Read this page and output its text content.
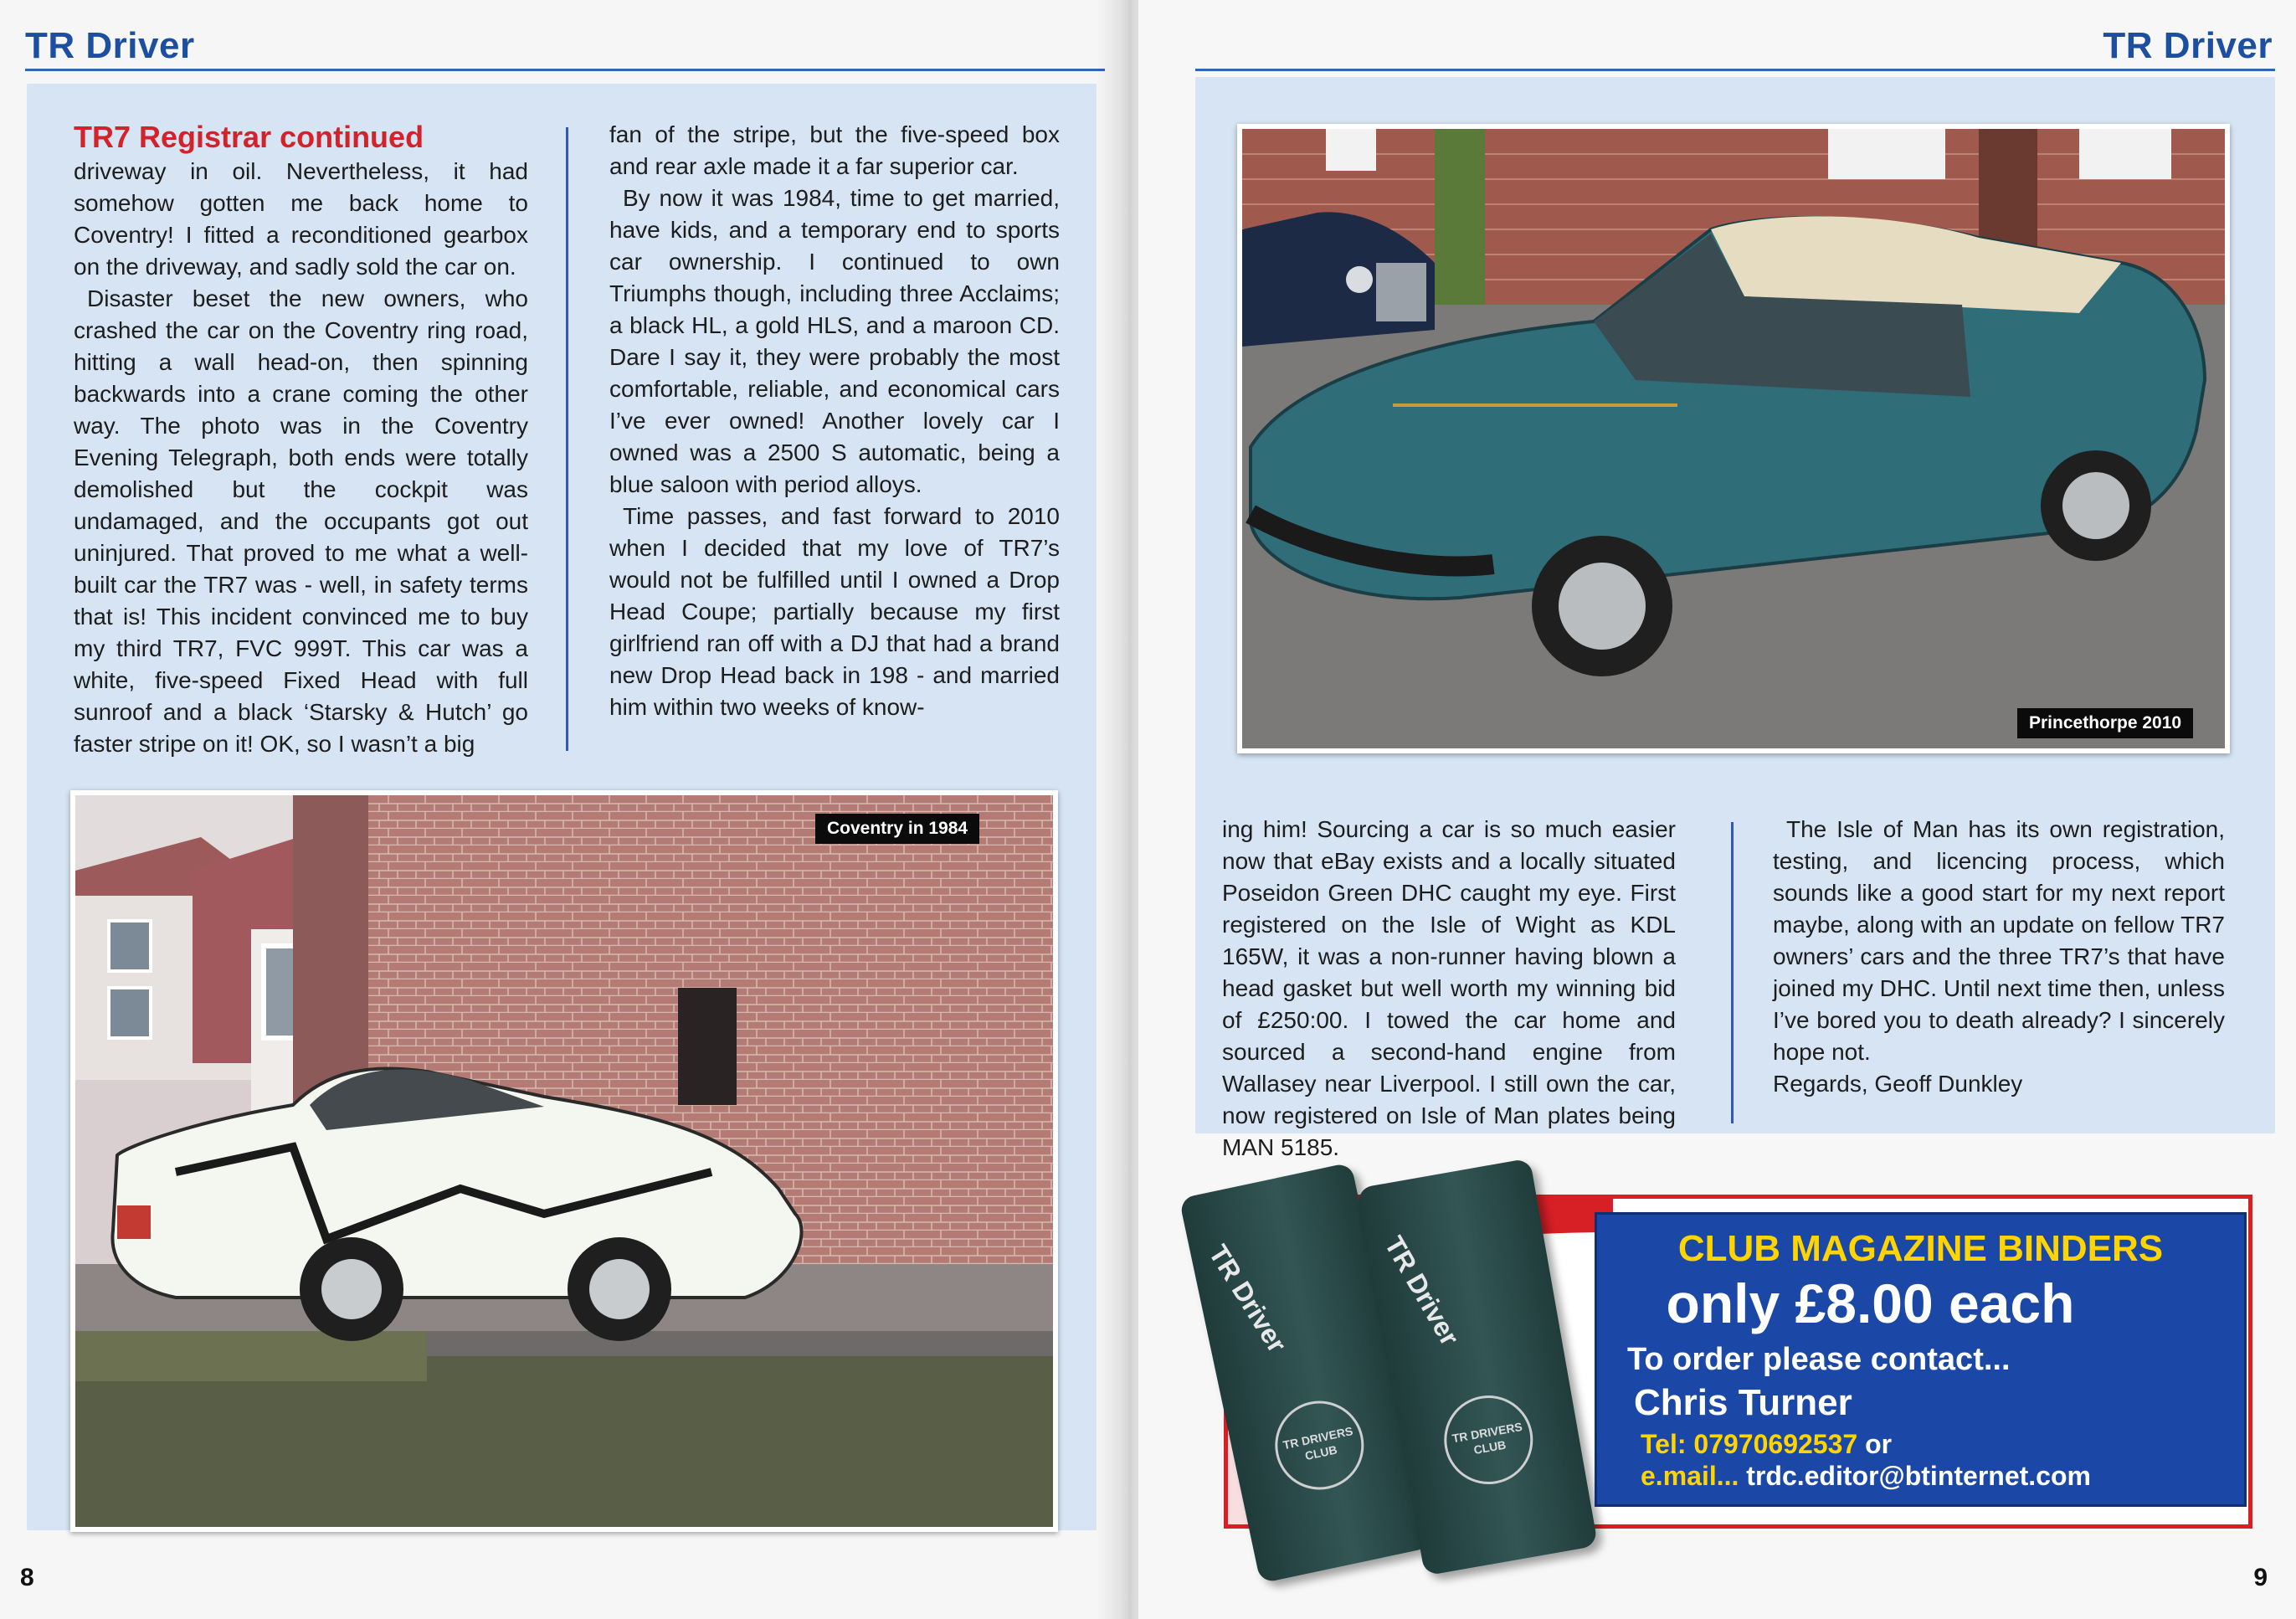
TR Driver
TR7 Registrar continued

driveway in oil. Nevertheless, it had somehow gotten me back home to Coventry! I fitted a reconditioned gearbox on the driveway, and sadly sold the car on.

Disaster beset the new owners, who crashed the car on the Coventry ring road, hitting a wall head-on, then spinning backwards into a crane coming the other way. The photo was in the Coventry Evening Telegraph, both ends were totally demolished but the cockpit was undamaged, and the occupants got out uninjured. That proved to me what a well-built car the TR7 was - well, in safety terms that is! This incident convinced me to buy my third TR7, FVC 999T. This car was a white, five-speed Fixed Head with full sunroof and a black ‘Starsky & Hutch’ go faster stripe on it! OK, so I wasn’t a big

fan of the stripe, but the five-speed box and rear axle made it a far superior car.

By now it was 1984, time to get married, have kids, and a temporary end to sports car ownership. I continued to own Triumphs though, including three Acclaims; a black HL, a gold HLS, and a maroon CD. Dare I say it, they were probably the most comfortable, reliable, and economical cars I’ve ever owned! Another lovely car I owned was a 2500 S automatic, being a blue saloon with period alloys.

Time passes, and fast forward to 2010 when I decided that my love of TR7’s would not be fulfilled until I owned a Drop Head Coupe; partially because my first girlfriend ran off with a DJ that had a brand new Drop Head back in 198 - and married him within two weeks of know-

Coventry in 1984
8
TR Driver
Princethorpe 2010

ing him! Sourcing a car is so much easier now that eBay exists and a locally situated Poseidon Green DHC caught my eye. First registered on the Isle of Wight as KDL 165W, it was a non-runner having blown a head gasket but well worth my winning bid of £250:00. I towed the car home and sourced a second-hand engine from Wallasey near Liverpool. I still own the car, now registered on Isle of Man plates being MAN 5185.

The Isle of Man has its own registration, testing, and licencing process, which sounds like a good start for my next report maybe, along with an update on fellow TR7 owners’ cars and the three TR7’s that have joined my DHC. Until next time then, unless I’ve bored you to death already? I sincerely hope not.

Regards, Geoff Dunkley

9
TR Driver
TR DRIVERS CLUB
TR Driver
TR DRIVERS CLUB
CLUB MAGAZINE BINDERS
only £8.00 each
To order please contact...
Chris Turner
Tel: 07970692537 or
e.mail... trdc.editor@btinternet.com
